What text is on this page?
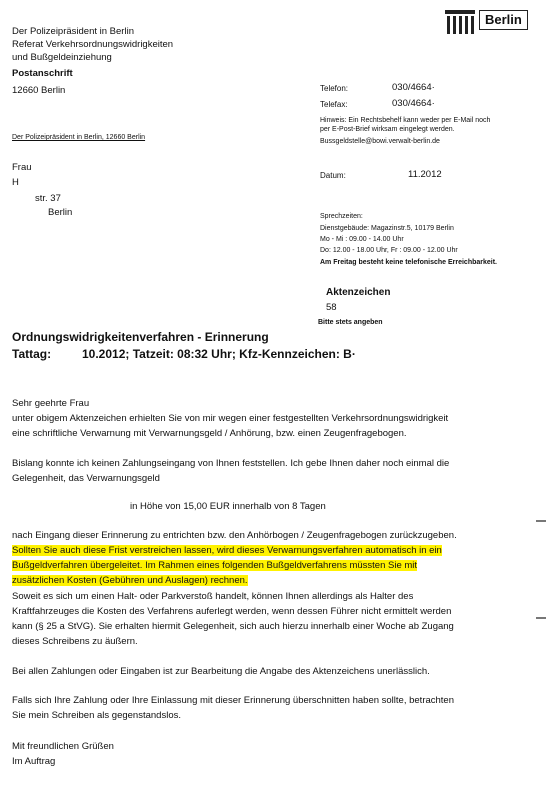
Berlin
Der Polizeipräsident in Berlin
Referat Verkehrsordnungswidrigkeiten
und Bußgeldeinziehung
Postanschrift
12660 Berlin
Der Polizeipräsident in Berlin, 12660 Berlin
Telefon:	030/4664·
Telefax:	030/4664·
Hinweis: Ein Rechtsbehelf kann weder per E-Mail noch
per E-Post-Brief wirksam eingelegt werden.
Bussgeldstelle@bowi.verwalt-berlin.de
Frau
H
str. 37
Berlin
Datum:	11.2012
Sprechzeiten:
Dienstgebäude: Magazinstr.5, 10179 Berlin
Mo - Mi : 09.00 - 14.00 Uhr
Do: 12.00 - 18.00 Uhr, Fr : 09.00 - 12.00 Uhr
Am Freitag besteht keine telefonische Erreichbarkeit.
Aktenzeichen
58
Bitte stets angeben
Ordnungswidrigkeitenverfahren - Erinnerung
Tattag:	10.2012; Tatzeit: 08:32 Uhr; Kfz-Kennzeichen: B·
Sehr geehrte Frau
unter obigem Aktenzeichen erhielten Sie von mir wegen einer festgestellten Verkehrsordnungswidrigkeit
eine schriftliche Verwarnung mit Verwarnungsgeld / Anhörung, bzw. einen Zeugenfragebogen.
Bislang konnte ich keinen Zahlungseingang von Ihnen feststellen. Ich gebe Ihnen daher noch einmal die
Gelegenheit, das Verwarnungsgeld
in Höhe von 15,00 EUR innerhalb von 8 Tagen
nach Eingang dieser Erinnerung zu entrichten bzw. den Anhörbogen / Zeugenfragebogen zurückzugeben.
Sollten Sie auch diese Frist verstreichen lassen, wird dieses Verwarnungsverfahren automatisch in ein
Bußgeldverfahren übergeleitet. Im Rahmen eines folgenden Bußgeldverfahrens müssten Sie mit
zusätzlichen Kosten (Gebühren und Auslagen) rechnen.
Soweit es sich um einen Halt- oder Parkverstoß handelt, können Ihnen allerdings als Halter des
Kraftfahrzeuges die Kosten des Verfahrens auferlegt werden, wenn dessen Führer nicht ermittelt werden
kann (§ 25 a StVG). Sie erhalten hiermit Gelegenheit, sich auch hierzu innerhalb einer Woche ab Zugang
dieses Schreibens zu äußern.
Bei allen Zahlungen oder Eingaben ist zur Bearbeitung die Angabe des Aktenzeichens unerlässlich.
Falls sich Ihre Zahlung oder Ihre Einlassung mit dieser Erinnerung überschnitten haben sollte, betrachten
Sie mein Schreiben als gegenstandslos.
Mit freundlichen Grüßen
Im Auftrag
